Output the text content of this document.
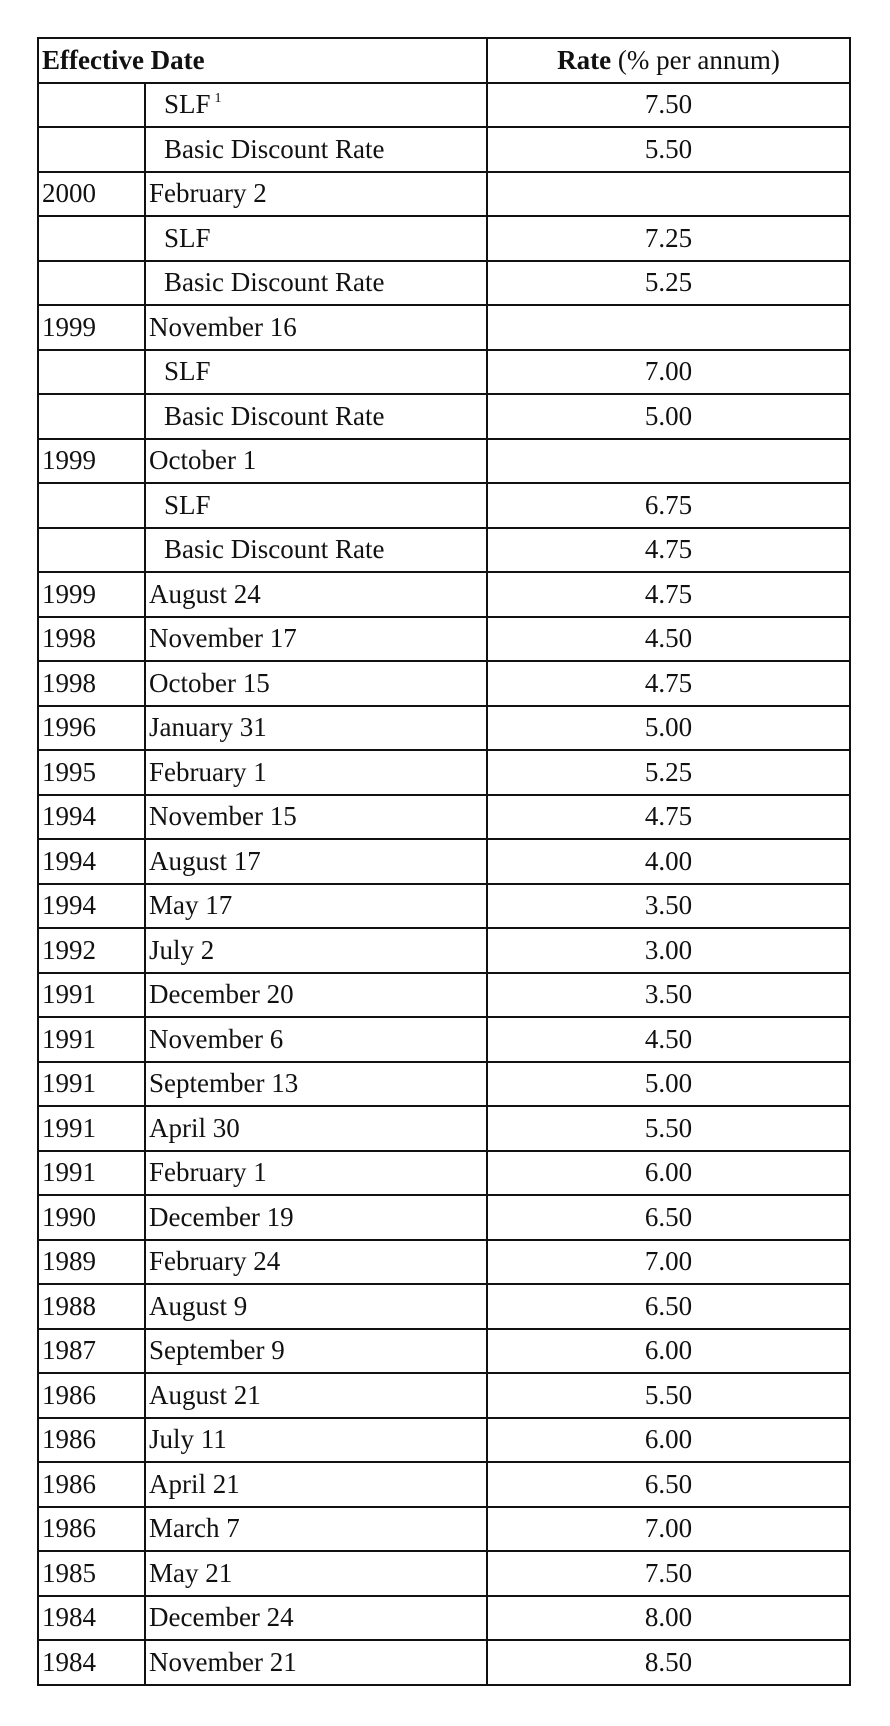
Effective Date		Rate (% per annum)
	SLF $^1$	7.50
	Basic Discount Rate	5.50
2000	February 2	
	SLF	7.25
	Basic Discount Rate	5.25
1999	November 16	
	SLF	7.00
	Basic Discount Rate	5.00
1999	October 1	
	SLF	6.75
	Basic Discount Rate	4.75
1999	August 24	4.75
1998	November 17	4.50
1998	October 15	4.75
1996	January 31	5.00
1995	February 1	5.25
1994	November 15	4.75
1994	August 17	4.00
1994	May 17	3.50
1992	July 2	3.00
1991	December 20	3.50
1991	November 6	4.50
1991	September 13	5.00
1991	April 30	5.50
1991	February 1	6.00
1990	December 19	6.50
1989	February 24	7.00
1988	August 9	6.50
1987	September 9	6.00
1986	August 21	5.50
1986	July 11	6.00
1986	April 21	6.50
1986	March 7	7.00
1985	May 21	7.50
1984	December 24	8.00
1984	November 21	8.50
